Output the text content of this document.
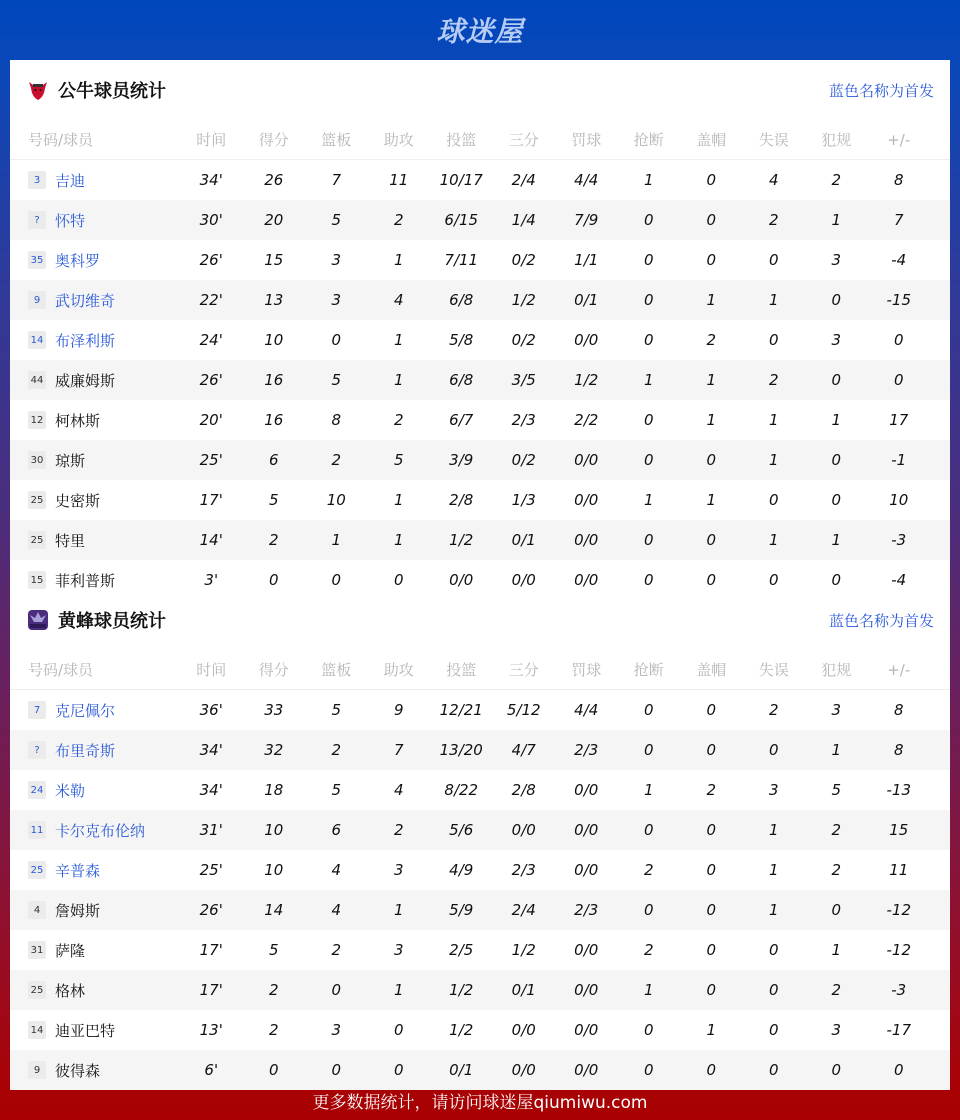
球迷屋
公牛球员统计	蓝色名称为首发
号码/球员	时间	得分	篮板	助攻	投篮	三分	罚球	抢断	盖帽	失误	犯规	+/-
3 吉迪	34'	26	7	11	10/17	2/4	4/4	1	0	4	2	8
?	怀特	30'	20	5	2	6/15	1/4	7/9	0	0	2	1	7
35 奥科罗	26'	15	3	1	7/11	0/2	1/1	0	0	0	3	-4
9 武切维奇	22'	13	3	4	6/8	1/2	0/1	0	1	1	0	-15
14 布泽利斯	24'	10	0	1	5/8	0/2	0/0	0	2	0	3	0
44 威廉姆斯	26'	16	5	1	6/8	3/5	1/2	1	1	2	0	0
12 柯林斯	20'	16	8	2	6/7	2/3	2/2	0	1	1	1	17
30 琼斯	25'	6	2	5	3/9	0/2	0/0	0	0	1	0	-1
25 史密斯	17'	5	10	1	2/8	1/3	0/0	1	1	0	0	10
25 特里	14'	2	1	1	1/2	0/1	0/0	0	0	1	1	-3
15 菲利普斯	3'	0	0	0	0/0	0/0	0/0	0	0	0	0	-4
黄蜂球员统计	蓝色名称为首发
号码/球员	时间	得分	篮板	助攻	投篮	三分	罚球	抢断	盖帽	失误	犯规	+/-
7 克尼佩尔	36'	33	5	9	12/21	5/12	4/4	0	0	2	3	8
?	布里奇斯	34'	32	2	7	13/20	4/7	2/3	0	0	0	1	8
24 米勒	34'	18	5	4	8/22	2/8	0/0	1	2	3	5	-13
11 卡尔克布伦纳	31'	10	6	2	5/6	0/0	0/0	0	0	1	2	15
25 辛普森	25'	10	4	3	4/9	2/3	0/0	2	0	1	2	11
4 詹姆斯	26'	14	4	1	5/9	2/4	2/3	0	0	1	0	-12
31 萨隆	17'	5	2	3	2/5	1/2	0/0	2	0	0	1	-12
25 格林	17'	2	0	1	1/2	0/1	0/0	1	0	0	2	-3
14 迪亚巴特	13'	2	3	0	1/2	0/0	0/0	0	1	0	3	-17
9 彼得森	6'	0	0	0	0/1	0/0	0/0	0	0	0	0	0
更多数据统计，请访问球迷屋qiumiwu.com
